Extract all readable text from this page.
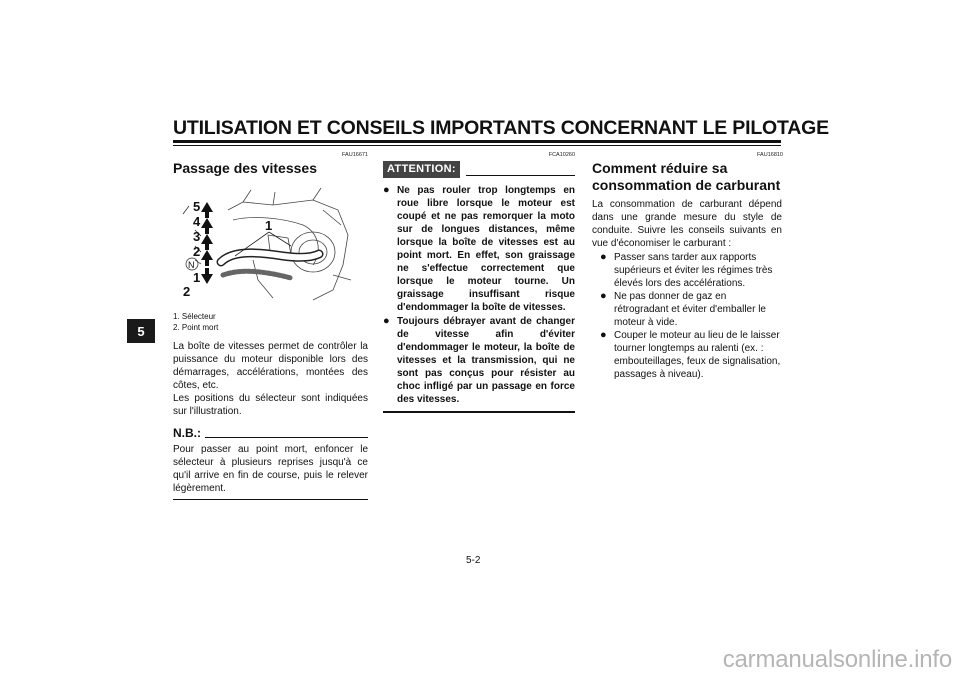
UTILISATION ET CONSEILS IMPORTANTS CONCERNANT LE PILOTAGE
5
FAU16671
Passage des vitesses
5
4
3
2
1
2
1
N
1. Sélecteur
2. Point mort

La boîte de vitesses permet de contrôler la puissance du moteur disponible lors des démarrages, accélérations, montées des côtes, etc.

Les positions du sélecteur sont indiquées sur l'illustration.

N.B.:

Pour passer au point mort, enfoncer le sélecteur à plusieurs reprises jusqu'à ce qu'il arrive en fin de course, puis le relever légèrement.

FCA10260
ATTENTION:
● Ne pas rouler trop longtemps en roue libre lorsque le moteur est coupé et ne pas remorquer la moto sur de longues distances, même lorsque la boîte de vitesses est au point mort. En effet, son graissage ne s'effectue correctement que lorsque le moteur tourne. Un graissage insuffisant risque d'endommager la boîte de vitesses.
● Toujours débrayer avant de changer de vitesse afin d'éviter d'endommager le moteur, la boîte de vitesses et la transmission, qui ne sont pas conçus pour résister au choc infligé par un passage en force des vitesses.
FAU16810
Comment réduire sa consommation de carburant

La consommation de carburant dépend dans une grande mesure du style de conduite. Suivre les conseils suivants en vue d'économiser le carburant :

● Passer sans tarder aux rapports supérieurs et éviter les régimes très élevés lors des accélérations.
● Ne pas donner de gaz en rétrogradant et éviter d'emballer le moteur à vide.
● Couper le moteur au lieu de le laisser tourner longtemps au ralenti (ex. : embouteillages, feux de signalisation, passages à niveau).
5-2
carmanualsonline.info
